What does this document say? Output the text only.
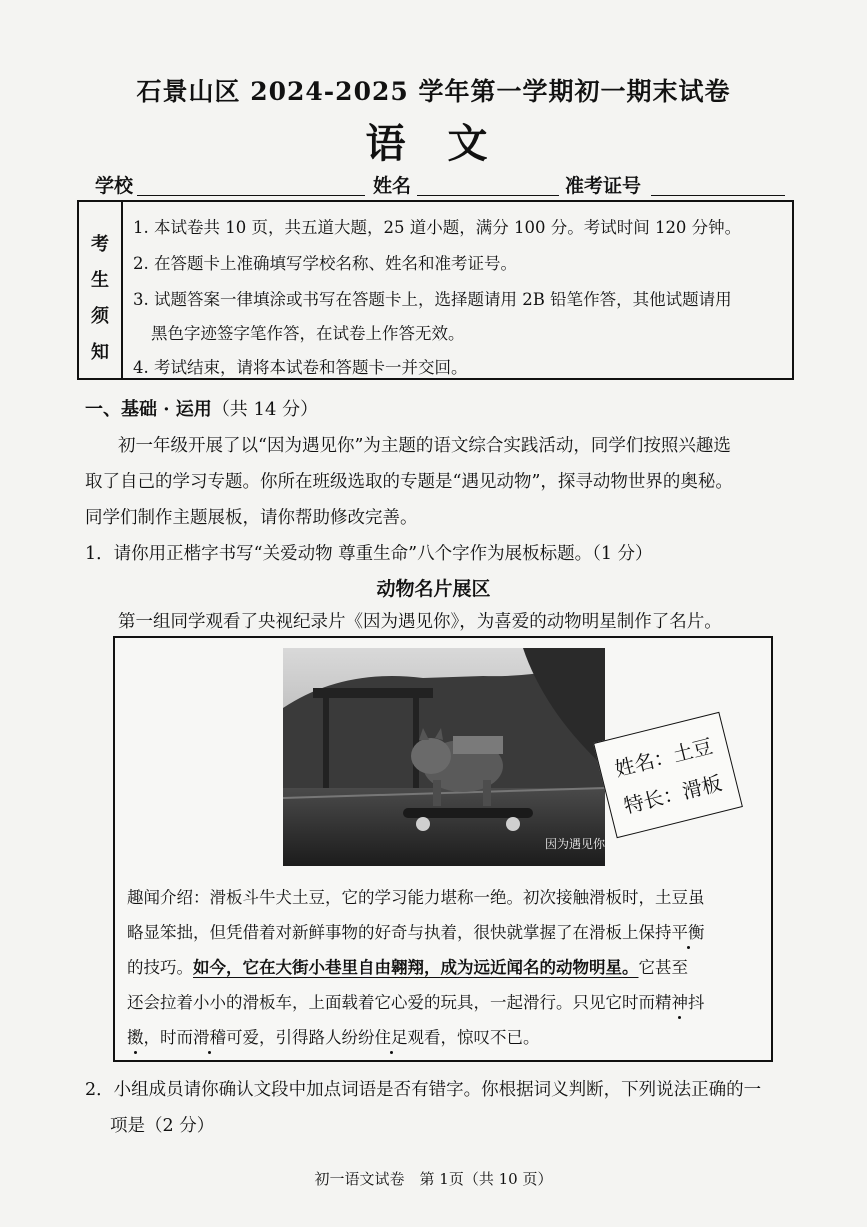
石景山区 2024-2025 学年第一学期初一期末试卷
语 文
学校	姓名	准考证号
考
生
须
知
1. 本试卷共 10 页，共五道大题，25 道小题，满分 100 分。考试时间 120 分钟。
2. 在答题卡上准确填写学校名称、姓名和准考证号。
3. 试题答案一律填涂或书写在答题卡上，选择题请用 2B 铅笔作答，其他试题请用
黑色字迹签字笔作答，在试卷上作答无效。
4. 考试结束，请将本试卷和答题卡一并交回。
一、基础 · 运用（共 14 分）
初一年级开展了以“因为遇见你”为主题的语文综合实践活动，同学们按照兴趣选
取了自己的学习专题。你所在班级选取的专题是“遇见动物”，探寻动物世界的奥秘。
同学们制作主题展板，请你帮助修改完善。
1．请你用正楷字书写“关爱动物 尊重生命”八个字作为展板标题。（1 分）
动物名片展区
第一组同学观看了央视纪录片《因为遇见你》，为喜爱的动物明星制作了名片。
因为遇见你
姓名：土豆
特长：滑板
趣闻介绍：滑板斗牛犬土豆，它的学习能力堪称一绝。初次接触滑板时，土豆虽
略显笨拙，但凭借着对新鲜事物的好奇与执着，很快就掌握了在滑板上保持平衡
的技巧。如今，它在大街小巷里自由翱翔，成为远近闻名的动物明星。它甚至
还会拉着小小的滑板车，上面载着它心爱的玩具，一起滑行。只见它时而精神抖
擞，时而滑稽可爱，引得路人纷纷住足观看，惊叹不已。
2．小组成员请你确认文段中加点词语是否有错字。你根据词义判断，下列说法正确的一
项是（2 分）
初一语文试卷　第 1页（共 10 页）
